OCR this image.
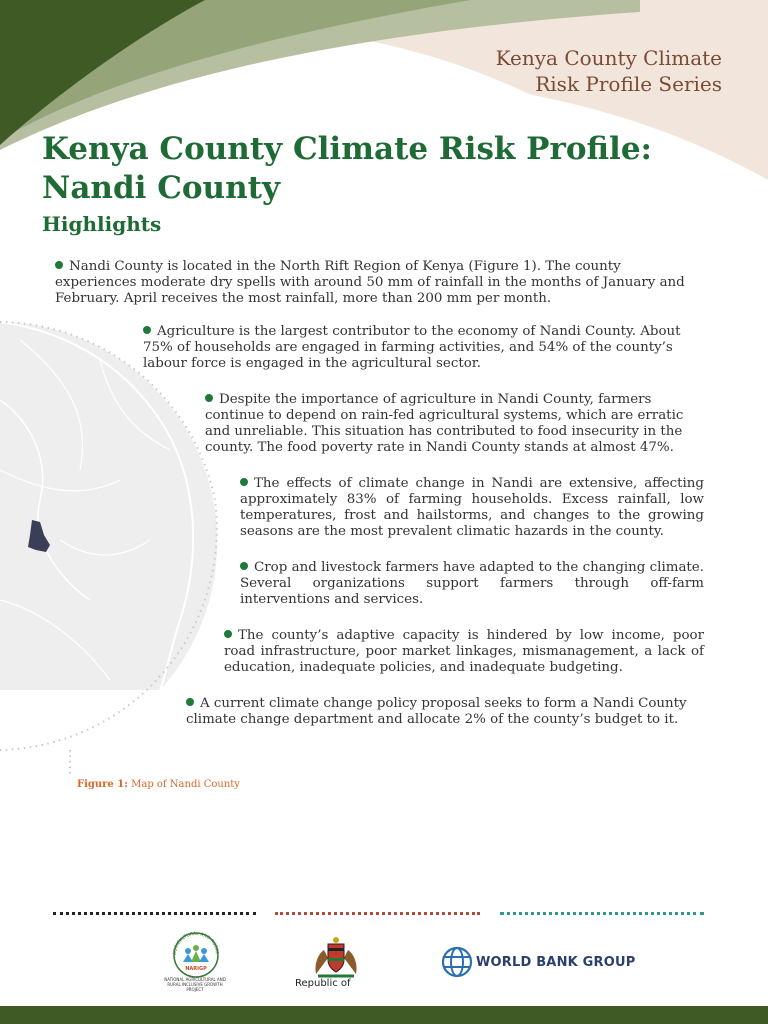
Kenya County Climate
Risk Profile Series
Kenya County Climate Risk Profile:
Nandi County
Highlights
Nandi County is located in the North Rift Region of Kenya (Figure 1). The county experiences moderate dry spells with around 50 mm of rainfall in the months of January and February. April receives the most rainfall, more than 200 mm per month.
Agriculture is the largest contributor to the economy of Nandi County. About 75% of households are engaged in farming activities, and 54% of the county’s labour force is engaged in the agricultural sector.
Despite the importance of agriculture in Nandi County, farmers continue to depend on rain-fed agricultural systems, which are erratic and unreliable. This situation has contributed to food insecurity in the county. The food poverty rate in Nandi County stands at almost 47%.
The effects of climate change in Nandi are extensive, affecting approximately 83% of farming households. Excess rainfall, low temperatures, frost and hailstorms, and changes to the growing seasons are the most prevalent climatic hazards in the county.
Crop and livestock farmers have adapted to the changing climate. Several organizations support farmers through off-farm interventions and services.
The county’s adaptive capacity is hindered by low income, poor road infrastructure, poor market linkages, mismanagement, a lack of education, inadequate policies, and inadequate budgeting.
A current climate change policy proposal seeks to form a Nandi County climate change department and allocate 2% of the county’s budget to it.
Figure 1: Map of Nandi County
AGRICULTURAL AND RURAL
NARIGP
NATIONAL AGRICULTURAL AND RURAL INCLUSIVE GROWTH PROJECT
Republic of
WORLD BANK GROUP
